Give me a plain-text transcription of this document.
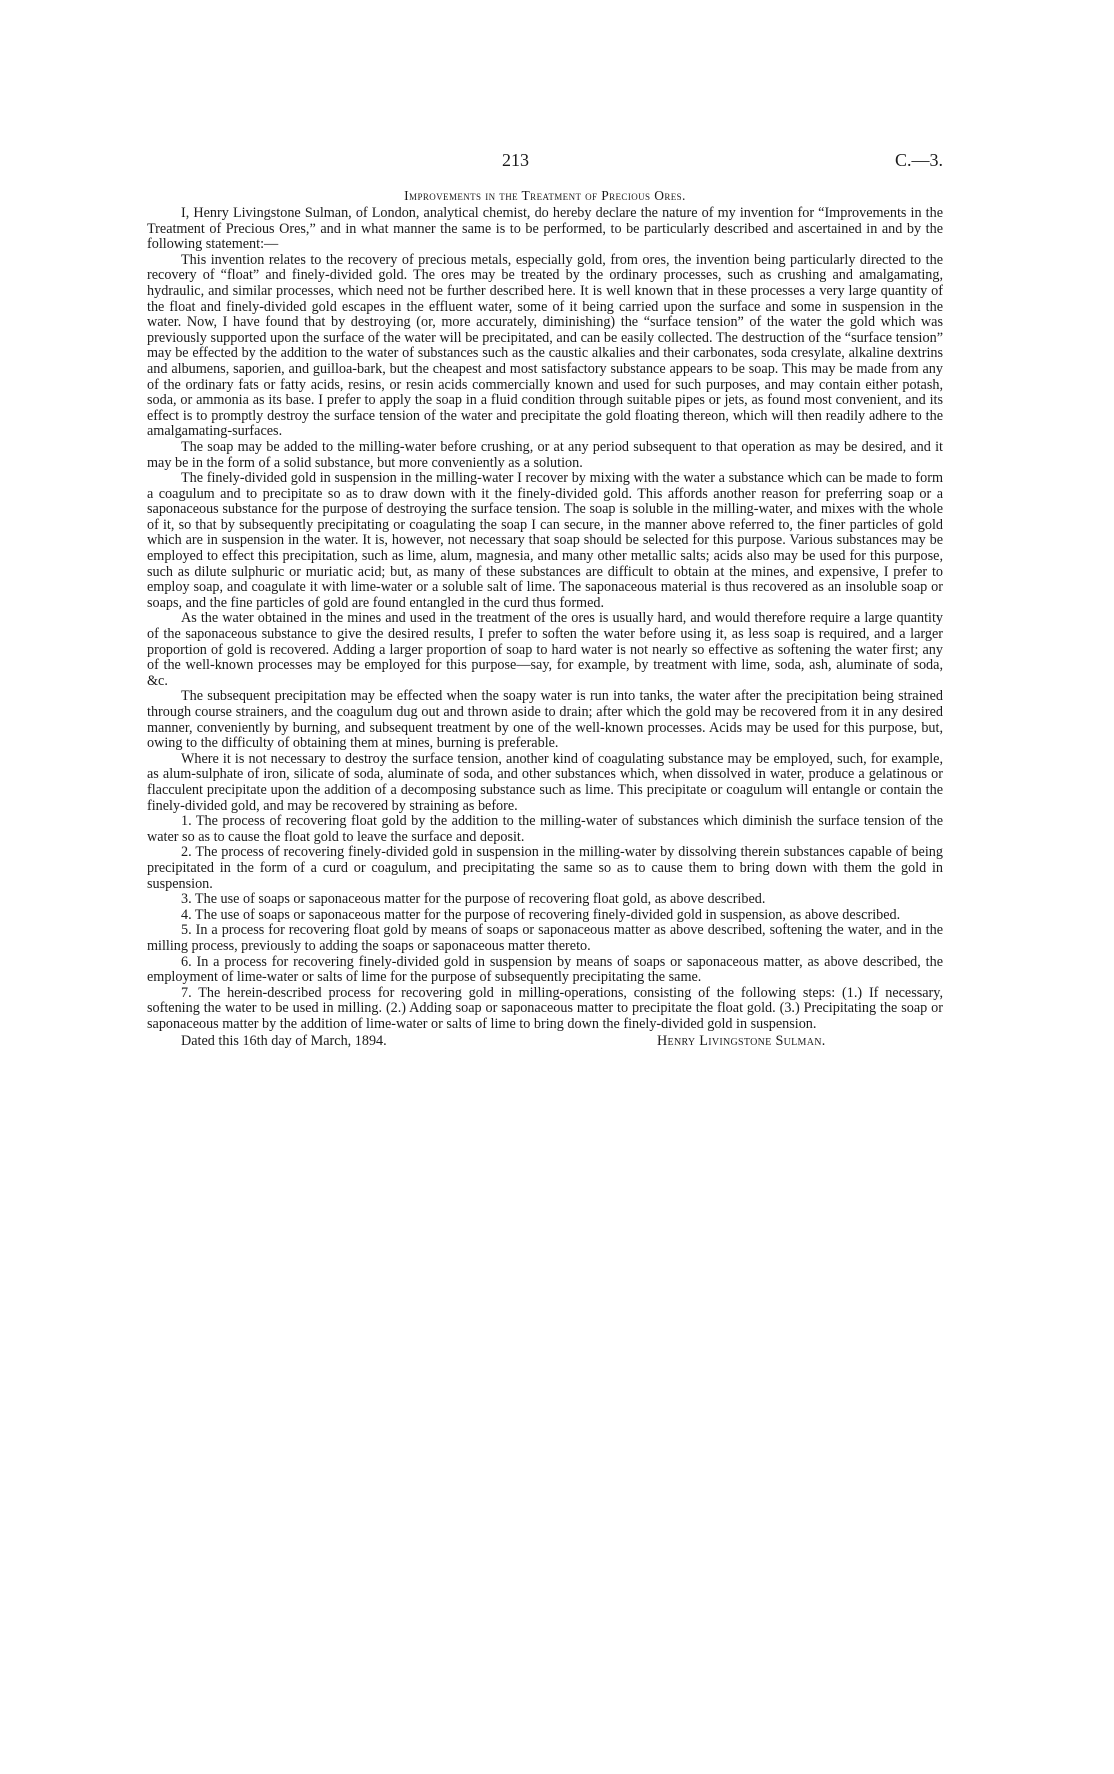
213	C.—3.
Improvements in the Treatment of Precious Ores.

I, Henry Livingstone Sulman, of London, analytical chemist, do hereby declare the nature of my invention for “Improvements in the Treatment of Precious Ores,” and in what manner the same is to be performed, to be particularly described and ascertained in and by the following statement:—

This invention relates to the recovery of precious metals, especially gold, from ores, the invention being particularly directed to the recovery of “float” and finely-divided gold. The ores may be treated by the ordinary processes, such as crushing and amalgamating, hydraulic, and similar processes, which need not be further described here. It is well known that in these processes a very large quantity of the float and finely-divided gold escapes in the effluent water, some of it being carried upon the surface and some in suspension in the water. Now, I have found that by destroying (or, more accurately, diminishing) the “surface tension” of the water the gold which was previously supported upon the surface of the water will be precipitated, and can be easily collected. The destruction of the “surface tension” may be effected by the addition to the water of substances such as the caustic alkalies and their carbonates, soda cresylate, alkaline dextrins and albumens, saporien, and guilloa-bark, but the cheapest and most satisfactory substance appears to be soap. This may be made from any of the ordinary fats or fatty acids, resins, or resin acids commercially known and used for such purposes, and may contain either potash, soda, or ammonia as its base. I prefer to apply the soap in a fluid condition through suitable pipes or jets, as found most convenient, and its effect is to promptly destroy the surface tension of the water and precipitate the gold floating thereon, which will then readily adhere to the amalgamating-surfaces.

The soap may be added to the milling-water before crushing, or at any period subsequent to that operation as may be desired, and it may be in the form of a solid substance, but more conveniently as a solution.

The finely-divided gold in suspension in the milling-water I recover by mixing with the water a substance which can be made to form a coagulum and to precipitate so as to draw down with it the finely-divided gold. This affords another reason for preferring soap or a saponaceous substance for the purpose of destroying the surface tension. The soap is soluble in the milling-water, and mixes with the whole of it, so that by subsequently precipitating or coagulating the soap I can secure, in the manner above referred to, the finer particles of gold which are in suspension in the water. It is, however, not necessary that soap should be selected for this purpose. Various substances may be employed to effect this precipitation, such as lime, alum, magnesia, and many other metallic salts; acids also may be used for this purpose, such as dilute sulphuric or muriatic acid; but, as many of these substances are difficult to obtain at the mines, and expensive, I prefer to employ soap, and coagulate it with lime-water or a soluble salt of lime. The saponaceous material is thus recovered as an insoluble soap or soaps, and the fine particles of gold are found entangled in the curd thus formed.

As the water obtained in the mines and used in the treatment of the ores is usually hard, and would therefore require a large quantity of the saponaceous substance to give the desired results, I prefer to soften the water before using it, as less soap is required, and a larger proportion of gold is recovered. Adding a larger proportion of soap to hard water is not nearly so effective as softening the water first; any of the well-known processes may be employed for this purpose—say, for example, by treatment with lime, soda, ash, aluminate of soda, &c.

The subsequent precipitation may be effected when the soapy water is run into tanks, the water after the precipitation being strained through course strainers, and the coagulum dug out and thrown aside to drain; after which the gold may be recovered from it in any desired manner, conveniently by burning, and subsequent treatment by one of the well-known processes. Acids may be used for this purpose, but, owing to the difficulty of obtaining them at mines, burning is preferable.

Where it is not necessary to destroy the surface tension, another kind of coagulating substance may be employed, such, for example, as alum-sulphate of iron, silicate of soda, aluminate of soda, and other substances which, when dissolved in water, produce a gelatinous or flacculent precipitate upon the addition of a decomposing substance such as lime. This precipitate or coagulum will entangle or contain the finely-divided gold, and may be recovered by straining as before.

1. The process of recovering float gold by the addition to the milling-water of substances which diminish the surface tension of the water so as to cause the float gold to leave the surface and deposit.

2. The process of recovering finely-divided gold in suspension in the milling-water by dissolving therein substances capable of being precipitated in the form of a curd or coagulum, and precipitating the same so as to cause them to bring down with them the gold in suspension.

3. The use of soaps or saponaceous matter for the purpose of recovering float gold, as above described.

4. The use of soaps or saponaceous matter for the purpose of recovering finely-divided gold in suspension, as above described.

5. In a process for recovering float gold by means of soaps or saponaceous matter as above described, softening the water, and in the milling process, previously to adding the soaps or saponaceous matter thereto.

6. In a process for recovering finely-divided gold in suspension by means of soaps or saponaceous matter, as above described, the employment of lime-water or salts of lime for the purpose of subsequently precipitating the same.

7. The herein-described process for recovering gold in milling-operations, consisting of the following steps: (1.) If necessary, softening the water to be used in milling. (2.) Adding soap or saponaceous matter to precipitate the float gold. (3.) Precipitating the soap or saponaceous matter by the addition of lime-water or salts of lime to bring down the finely-divided gold in suspension.

Dated this 16th day of March, 1894.	Henry Livingstone Sulman.
